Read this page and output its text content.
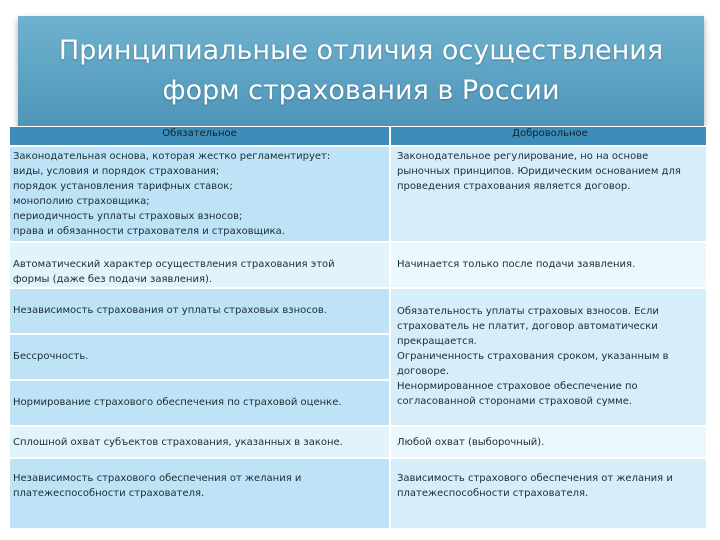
Принципиальные отличия осуществления
форм страхования в России
Обязательное	Добровольное
Законодательная основа, которая жестко регламентирует:
виды, условия и порядок страхования;
порядок установления тарифных ставок;
монополию страховщика;
периодичность уплаты страховых взносов;
права и обязанности страхователя и страховщика.
Законодательное регулирование, но на основе
рыночных принципов. Юридическим основанием для
проведения страхования является договор.
Автоматический характер осуществления страхования этой
формы (даже без подачи заявления).
Начинается только после подачи заявления.
Независимость страхования от уплаты страховых взносов.
Бессрочность.
Нормирование страхового обеспечения по страховой оценке.
Обязательность уплаты страховых взносов. Если
страхователь не платит, договор автоматически
прекращается.
Ограниченность страхования сроком, указанным в
договоре.
Ненормированное страховое обеспечение по
согласованной сторонами страховой сумме.
Сплошной охват субъектов страхования, указанных в законе.	Любой охват (выборочный).
Независимость страхового обеспечения от желания и
платежеспособности страхователя.
Зависимость страхового обеспечения от желания и
платежеспособности страхователя.
